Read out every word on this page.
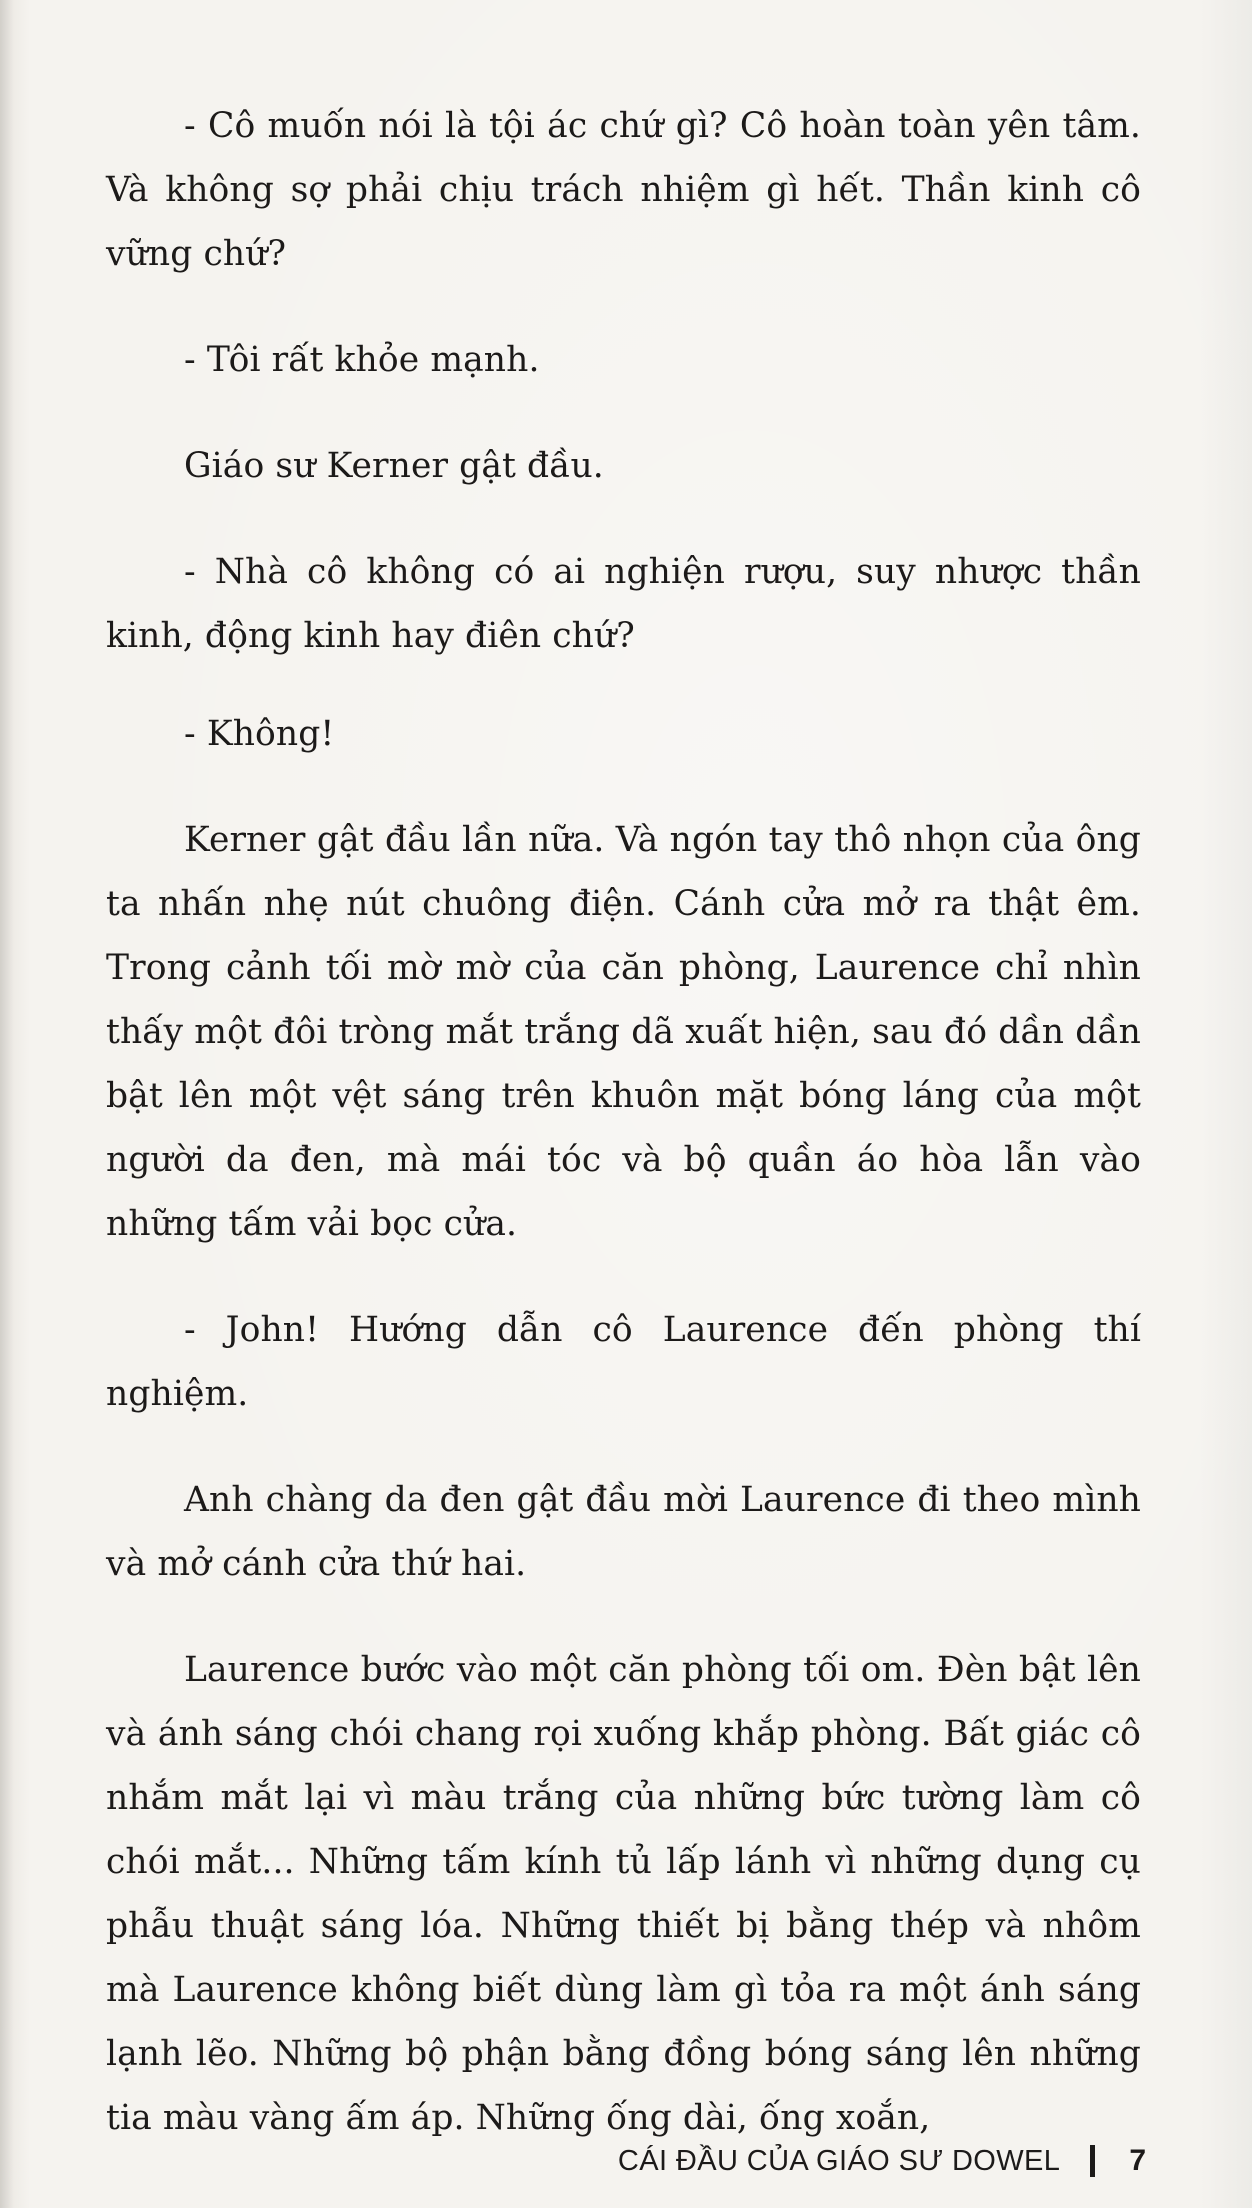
- Cô muốn nói là tội ác chứ gì? Cô hoàn toàn yên tâm. Và không sợ phải chịu trách nhiệm gì hết. Thần kinh cô vững chứ?

- Tôi rất khỏe mạnh.

Giáo sư Kerner gật đầu.

- Nhà cô không có ai nghiện rượu, suy nhược thần kinh, động kinh hay điên chứ?

- Không!

Kerner gật đầu lần nữa. Và ngón tay thô nhọn của ông ta nhấn nhẹ nút chuông điện. Cánh cửa mở ra thật êm. Trong cảnh tối mờ mờ của căn phòng, Laurence chỉ nhìn thấy một đôi tròng mắt trắng dã xuất hiện, sau đó dần dần bật lên một vệt sáng trên khuôn mặt bóng láng của một người da đen, mà mái tóc và bộ quần áo hòa lẫn vào những tấm vải bọc cửa.

- John! Hướng dẫn cô Laurence đến phòng thí nghiệm.

Anh chàng da đen gật đầu mời Laurence đi theo mình và mở cánh cửa thứ hai.

Laurence bước vào một căn phòng tối om. Đèn bật lên và ánh sáng chói chang rọi xuống khắp phòng. Bất giác cô nhắm mắt lại vì màu trắng của những bức tường làm cô chói mắt... Những tấm kính tủ lấp lánh vì những dụng cụ phẫu thuật sáng lóa. Những thiết bị bằng thép và nhôm mà Laurence không biết dùng làm gì tỏa ra một ánh sáng lạnh lẽo. Những bộ phận bằng đồng bóng sáng lên những tia màu vàng ấm áp. Những ống dài, ống xoắn,

CÁI ĐẦU CỦA GIÁO SƯ DOWEL 7
